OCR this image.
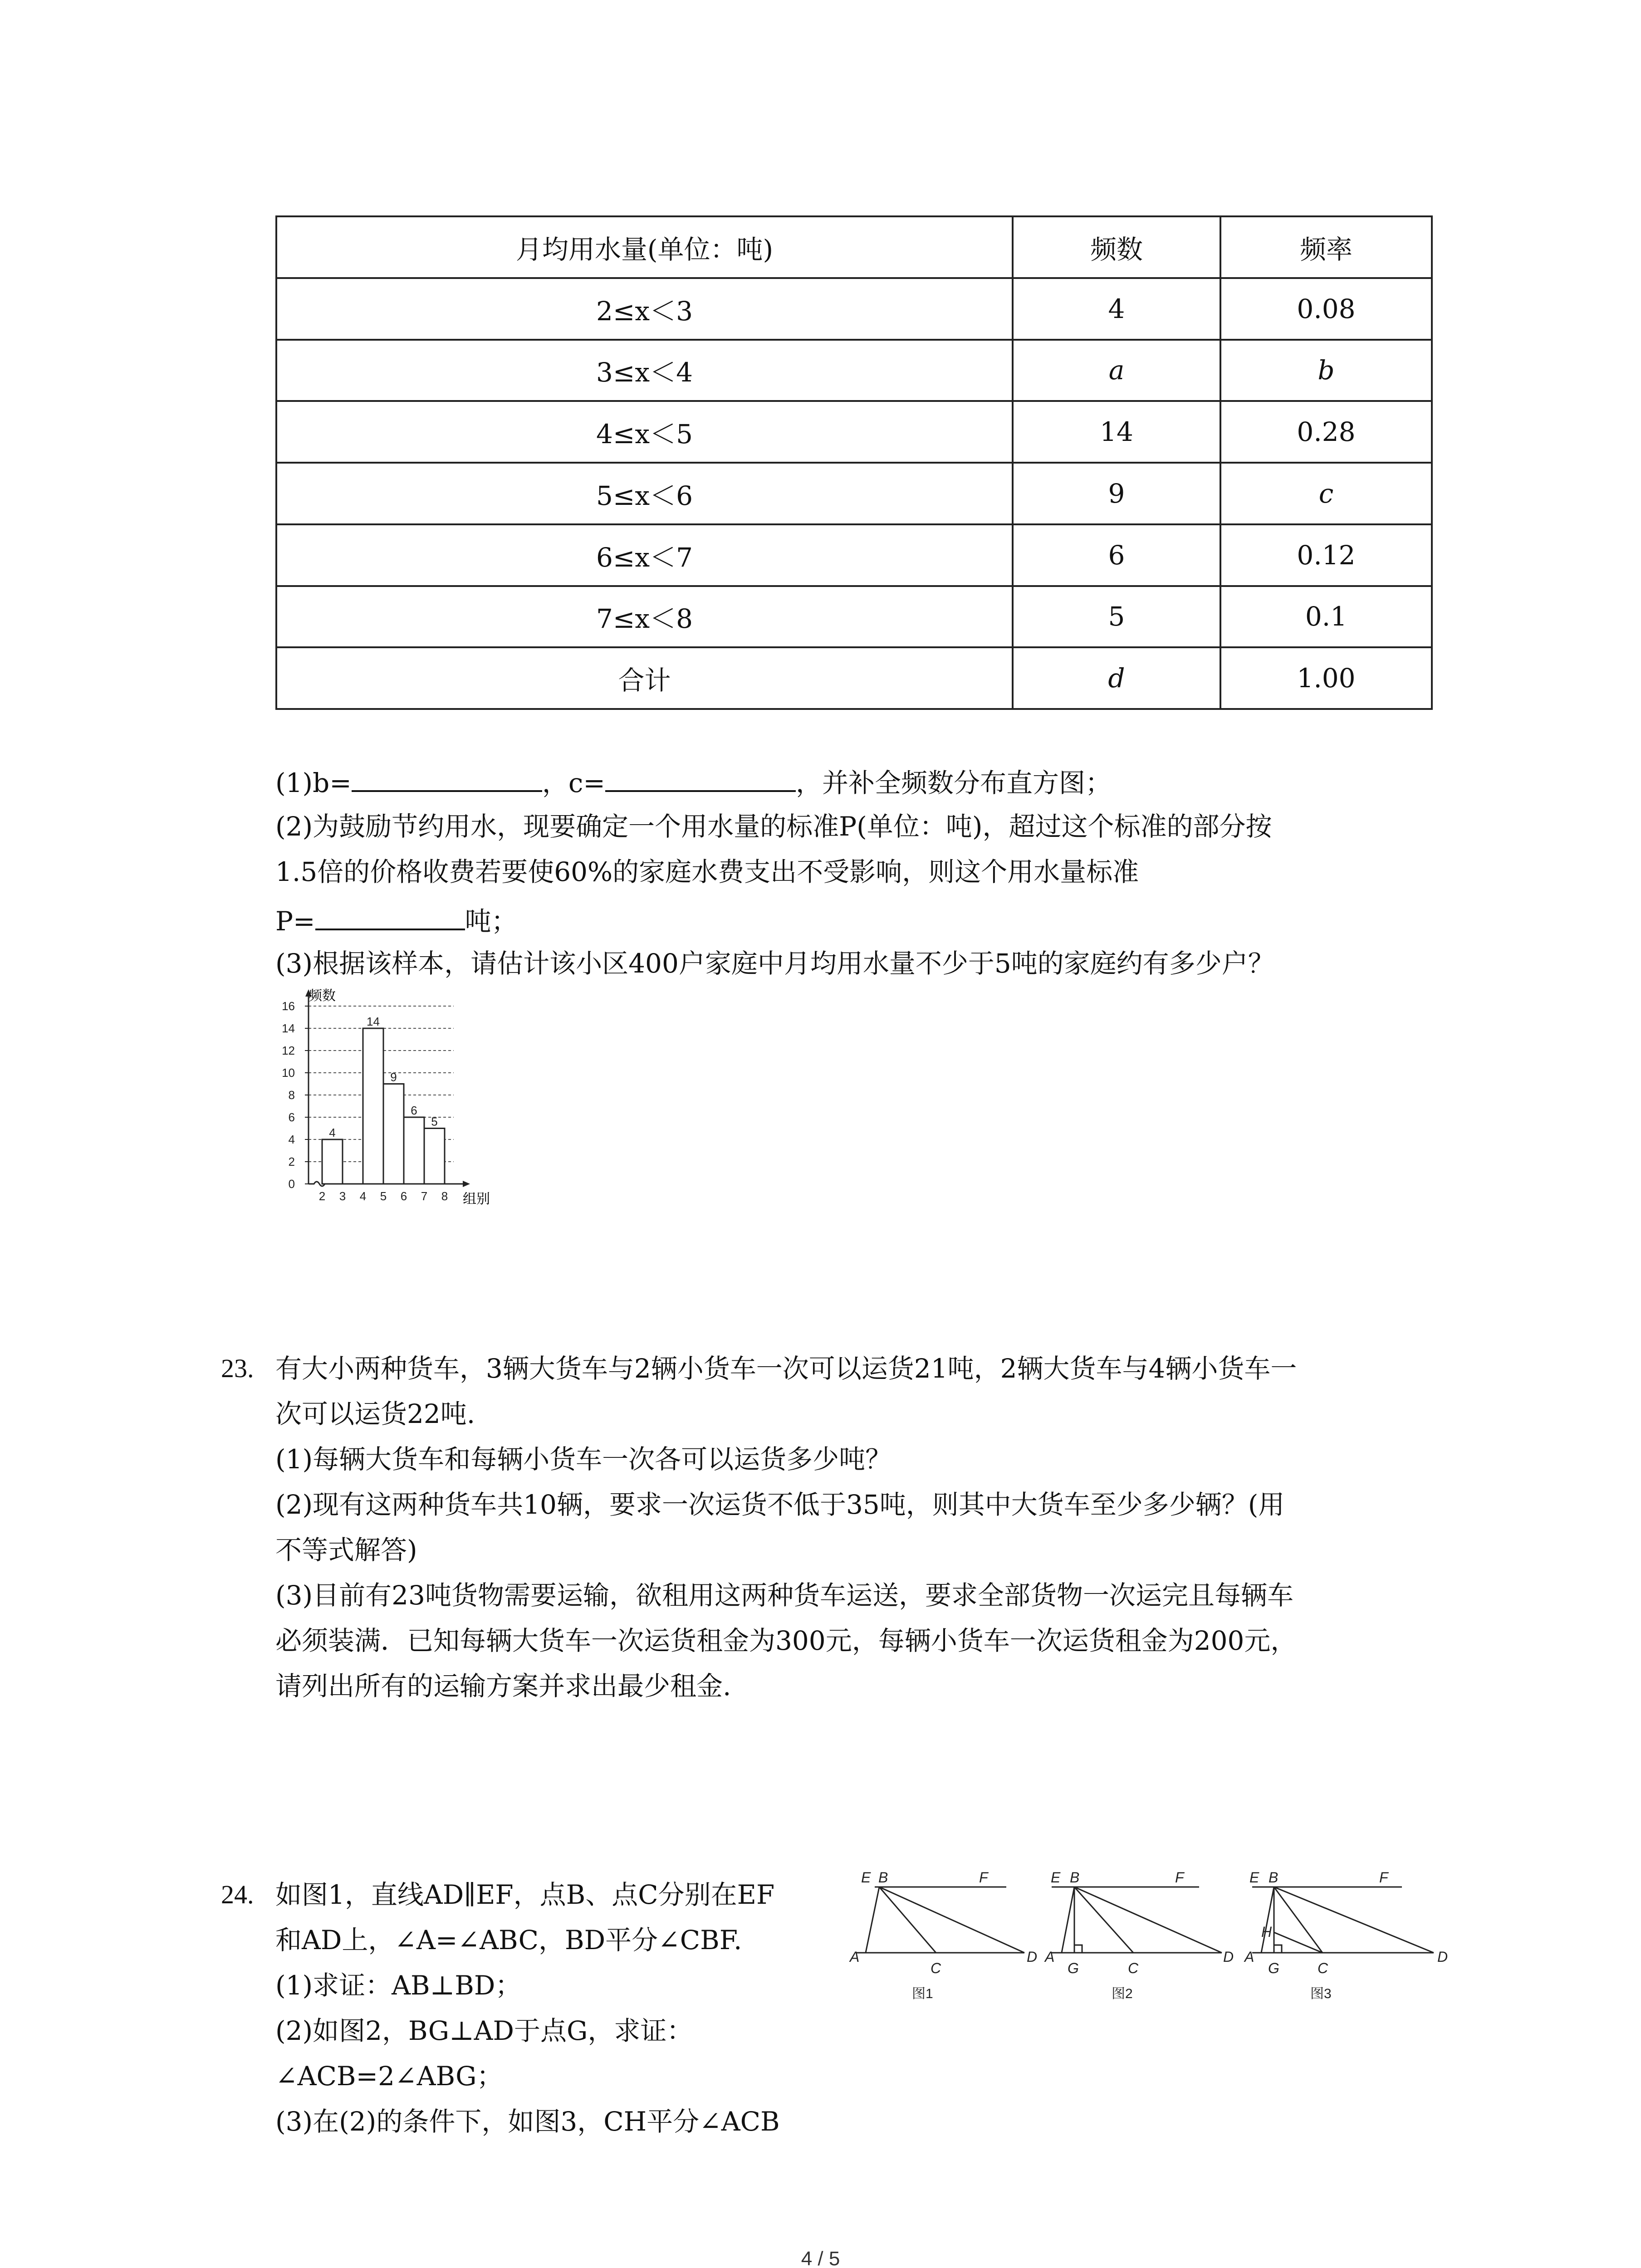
月均用水量(单位：吨)	频数	频率
2≤x＜3	4	0.08
3≤x＜4	a	b
4≤x＜5	14	0.28
5≤x＜6	9	c
6≤x＜7	6	0.12
7≤x＜8	5	0.1
合计	d	1.00
(1)b=	，c=	，并补全频数分布直方图；
(2)为鼓励节约用水，现要确定一个用水量的标准P(单位：吨)，超过这个标准的部分按
1.5倍的价格收费若要使60%的家庭水费支出不受影响，则这个用水量标准
P=	吨；
(3)根据该样本，请估计该小区400户家庭中月均用水量不少于5吨的家庭约有多少户？
频数
组别
0
2
4
6
8
10
12
14
16
2 3 4 5 6 7 8
4
14
9
6
5
23. 有大小两种货车，3辆大货车与2辆小货车一次可以运货21吨，2辆大货车与4辆小货车一
次可以运货22吨.
(1)每辆大货车和每辆小货车一次各可以运货多少吨？
(2)现有这两种货车共10辆，要求一次运货不低于35吨，则其中大货车至少多少辆？(用
不等式解答)
(3)目前有23吨货物需要运输，欲租用这两种货车运送，要求全部货物一次运完且每辆车
必须装满．已知每辆大货车一次运货租金为300元，每辆小货车一次运货租金为200元，
请列出所有的运输方案并求出最少租金.
24. 如图1，直线AD∥EF，点B、点C分别在EF
和AD上，∠A=∠ABC，BD平分∠CBF.
(1)求证：AB⊥BD；
(2)如图2，BG⊥AD于点G，求证：
∠ACB=2∠ABG；
(3)在(2)的条件下，如图3，CH平分∠ACB
E B	F
A
C
D
图1
E B	F
A
G	C
D
图2
E B	F
H
A
G	C
D
图3
4 / 5
